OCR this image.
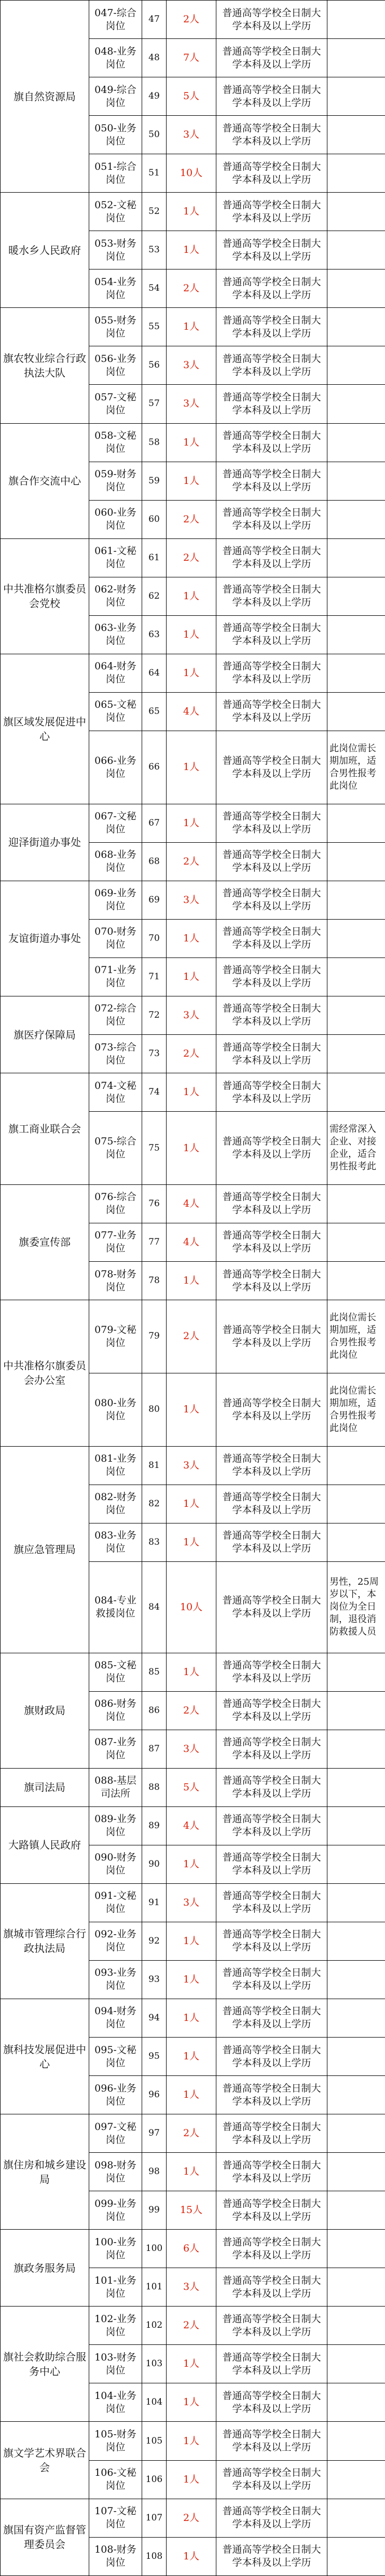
旗自然资源局	047-综合岗位	47	2人	普通高等学校全日制大学本科及以上学历	
	048-业务岗位	48	7人	普通高等学校全日制大学本科及以上学历	
	049-综合岗位	49	5人	普通高等学校全日制大学本科及以上学历	
	050-业务岗位	50	3人	普通高等学校全日制大学本科及以上学历	
	051-综合岗位	51	10人	普通高等学校全日制大学本科及以上学历	
暖水乡人民政府	052-文秘岗位	52	1人	普通高等学校全日制大学本科及以上学历	
	053-财务岗位	53	1人	普通高等学校全日制大学本科及以上学历	
	054-业务岗位	54	2人	普通高等学校全日制大学本科及以上学历	
旗农牧业综合行政执法大队	055-财务岗位	55	1人	普通高等学校全日制大学本科及以上学历	
	056-业务岗位	56	3人	普通高等学校全日制大学本科及以上学历	
	057-文秘岗位	57	3人	普通高等学校全日制大学本科及以上学历	
旗合作交流中心	058-文秘岗位	58	1人	普通高等学校全日制大学本科及以上学历	
	059-财务岗位	59	1人	普通高等学校全日制大学本科及以上学历	
	060-业务岗位	60	2人	普通高等学校全日制大学本科及以上学历	
中共准格尔旗委员会党校	061-文秘岗位	61	2人	普通高等学校全日制大学本科及以上学历	
	062-财务岗位	62	1人	普通高等学校全日制大学本科及以上学历	
	063-业务岗位	63	1人	普通高等学校全日制大学本科及以上学历	
旗区域发展促进中心	064-财务岗位	64	1人	普通高等学校全日制大学本科及以上学历	
	065-文秘岗位	65	4人	普通高等学校全日制大学本科及以上学历	
	066-业务岗位	66	1人	普通高等学校全日制大学本科及以上学历	此岗位需长期加班，适合男性报考此岗位
迎泽街道办事处	067-文秘岗位	67	1人	普通高等学校全日制大学本科及以上学历	
	068-业务岗位	68	2人	普通高等学校全日制大学本科及以上学历	
友谊街道办事处	069-业务岗位	69	3人	普通高等学校全日制大学本科及以上学历	
	070-财务岗位	70	1人	普通高等学校全日制大学本科及以上学历	
	071-业务岗位	71	1人	普通高等学校全日制大学本科及以上学历	
旗医疗保障局	072-综合岗位	72	3人	普通高等学校全日制大学本科及以上学历	
	073-综合岗位	73	2人	普通高等学校全日制大学本科及以上学历	
旗工商业联合会	074-文秘岗位	74	1人	普通高等学校全日制大学本科及以上学历	
	075-综合岗位	75	1人	普通高等学校全日制大学本科及以上学历	需经常深入企业、对接企业，适合男性报考此
旗委宣传部	076-综合岗位	76	4人	普通高等学校全日制大学本科及以上学历	
	077-业务岗位	77	4人	普通高等学校全日制大学本科及以上学历	
	078-财务岗位	78	1人	普通高等学校全日制大学本科及以上学历	
中共准格尔旗委员会办公室	079-文秘岗位	79	2人	普通高等学校全日制大学本科及以上学历	此岗位需长期加班，适合男性报考此岗位
	080-业务岗位	80	1人	普通高等学校全日制大学本科及以上学历	此岗位需长期加班，适合男性报考此岗位
旗应急管理局	081-业务岗位	81	3人	普通高等学校全日制大学本科及以上学历	
	082-财务岗位	82	1人	普通高等学校全日制大学本科及以上学历	
	083-业务岗位	83	1人	普通高等学校全日制大学本科及以上学历	
	084-专业救援岗位	84	10人	普通高等学校全日制大学本科及以上学历	男性，25周岁以下，本岗位为全日制，退役消防救援人员
旗财政局	085-文秘岗位	85	1人	普通高等学校全日制大学本科及以上学历	
	086-财务岗位	86	2人	普通高等学校全日制大学本科及以上学历	
	087-业务岗位	87	3人	普通高等学校全日制大学本科及以上学历	
旗司法局	088-基层司法所	88	5人	普通高等学校全日制大学本科及以上学历	
大路镇人民政府	089-业务岗位	89	4人	普通高等学校全日制大学本科及以上学历	
	090-财务岗位	90	1人	普通高等学校全日制大学本科及以上学历	
旗城市管理综合行政执法局	091-文秘岗位	91	3人	普通高等学校全日制大学本科及以上学历	
	092-业务岗位	92	1人	普通高等学校全日制大学本科及以上学历	
	093-业务岗位	93	1人	普通高等学校全日制大学本科及以上学历	
旗科技发展促进中心	094-财务岗位	94	1人	普通高等学校全日制大学本科及以上学历	
	095-文秘岗位	95	1人	普通高等学校全日制大学本科及以上学历	
	096-业务岗位	96	1人	普通高等学校全日制大学本科及以上学历	
旗住房和城乡建设局	097-文秘岗位	97	2人	普通高等学校全日制大学本科及以上学历	
	098-财务岗位	98	1人	普通高等学校全日制大学本科及以上学历	
	099-业务岗位	99	15人	普通高等学校全日制大学本科及以上学历	
旗政务服务局	100-业务岗位	100	6人	普通高等学校全日制大学本科及以上学历	
	101-业务岗位	101	3人	普通高等学校全日制大学本科及以上学历	
旗社会救助综合服务中心	102-业务岗位	102	2人	普通高等学校全日制大学本科及以上学历	
	103-财务岗位	103	1人	普通高等学校全日制大学本科及以上学历	
	104-业务岗位	104	1人	普通高等学校全日制大学本科及以上学历	
旗文学艺术界联合会	105-财务岗位	105	1人	普通高等学校全日制大学本科及以上学历	
	106-文秘岗位	106	1人	普通高等学校全日制大学本科及以上学历	
旗国有资产监督管理委员会	107-文秘岗位	107	2人	普通高等学校全日制大学本科及以上学历	
	108-财务岗位	108	1人	普通高等学校全日制大学本科及以上学历	
